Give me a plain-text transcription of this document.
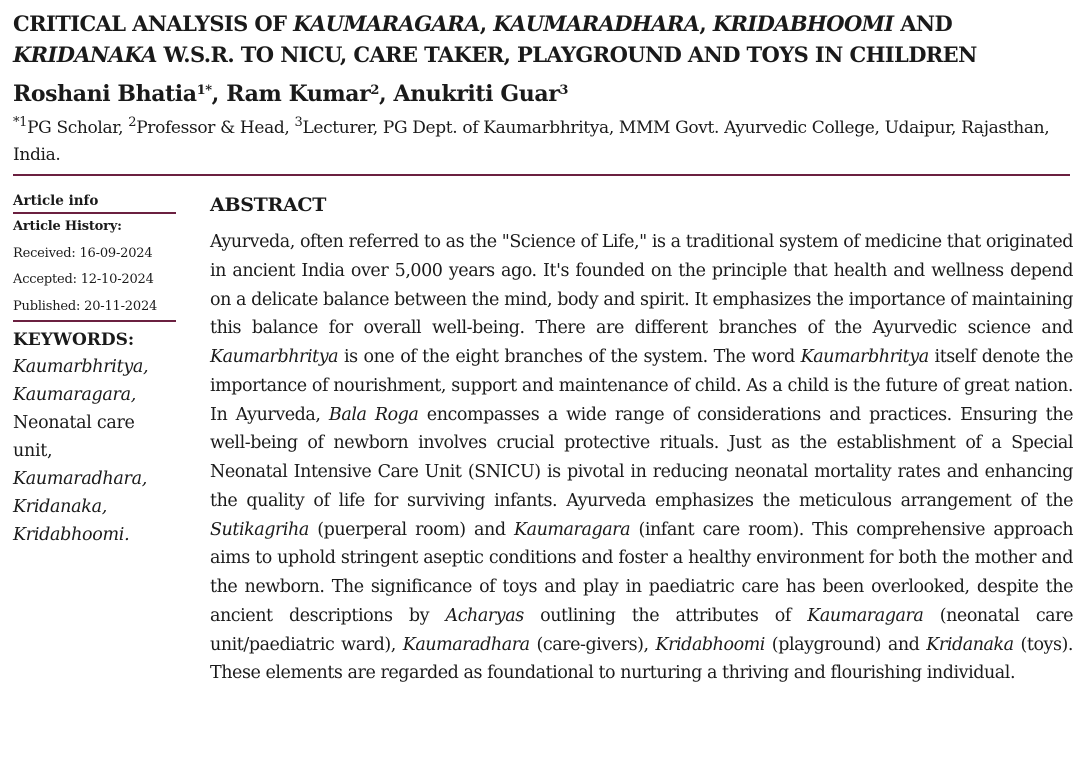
CRITICAL ANALYSIS OF KAUMARAGARA, KAUMARADHARA, KRIDABHOOMI AND KRIDANAKA W.S.R. TO NICU, CARE TAKER, PLAYGROUND AND TOYS IN CHILDREN
Roshani Bhatia$^{1*}$, Ram Kumar$^2$, Anukriti Guar$^3$

$^{*1}$PG Scholar, $^2$Professor & Head, $^3$Lecturer, PG Dept. of Kaumarbhritya, MMM Govt. Ayurvedic College, Udaipur, Rajasthan, India.

Article info
Article History:
Received: 16-09-2024
Accepted: 12-10-2024
Published: 20-11-2024
KEYWORDS:
Kaumarbhritya,
Kaumaragara,
Neonatal care
unit,
Kaumaradhara,
Kridanaka,
Kridabhoomi.
ABSTRACT

Ayurveda, often referred to as the "Science of Life," is a traditional system of medicine that originated in ancient India over 5,000 years ago. It's founded on the principle that health and wellness depend on a delicate balance between the mind, body and spirit. It emphasizes the importance of maintaining this balance for overall well-being. There are different branches of the Ayurvedic science and Kaumarbhritya is one of the eight branches of the system. The word Kaumarbhritya itself denote the importance of nourishment, support and maintenance of child. As a child is the future of great nation. In Ayurveda, Bala Roga encompasses a wide range of considerations and practices. Ensuring the well-being of newborn involves crucial protective rituals. Just as the establishment of a Special Neonatal Intensive Care Unit (SNICU) is pivotal in reducing neonatal mortality rates and enhancing the quality of life for surviving infants. Ayurveda emphasizes the meticulous arrangement of the Sutikagriha (puerperal room) and Kaumaragara (infant care room). This comprehensive approach aims to uphold stringent aseptic conditions and foster a healthy environment for both the mother and the newborn. The significance of toys and play in paediatric care has been overlooked, despite the ancient descriptions by Acharyas outlining the attributes of Kaumaragara (neonatal care unit/paediatric ward), Kaumaradhara (care-givers), Kridabhoomi (playground) and Kridanaka (toys). These elements are regarded as foundational to nurturing a thriving and flourishing individual.
